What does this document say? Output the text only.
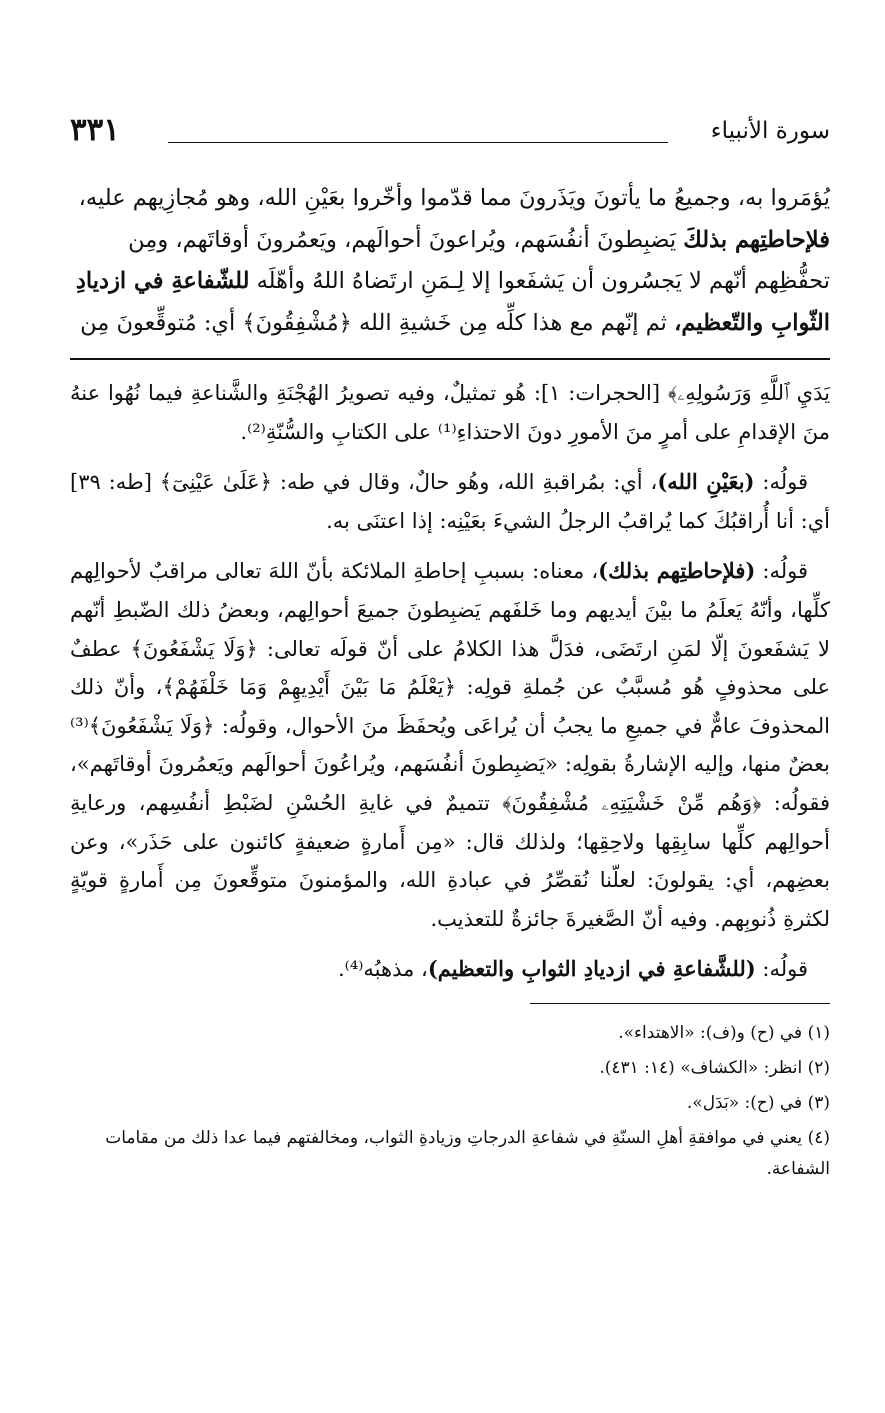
سورة الأنبياء
٣٣١

يُؤمَروا به، وجميعُ ما يأتونَ ويَذَرونَ مما قدّموا وأخّروا بعَيْنِ الله، وهو مُجازِيهم عليه،

فلإحاطتِهم بذلكَ يَضبِطونَ أنفُسَهم، ويُراعونَ أحوالَهم، ويَعمُرونَ أوقاتَهم، ومِن

تحفُّظِهم أنّهم لا يَجسُرون أن يَشفَعوا إلا لِـمَنِ ارتَضاهُ اللهُ وأهّلَه للشّفاعةِ في ازديادِ

الثّوابِ والتّعظيم، ثم إنّهم مع هذا كلِّه مِن خَشيةِ الله ﴿مُشْفِقُونَ﴾ أي: مُتوقِّعونَ مِن

يَدَيِ ٱللَّهِ وَرَسُولِهِۦ﴾ [الحجرات: ١]: هُو تمثيلٌ، وفيه تصويرُ الهُجْنَةِ والشَّناعةِ فيما نُهُوا عنهُ منَ الإقدامِ على أمرٍ منَ الأمورِ دونَ الاحتذاءِ⁽¹⁾ على الكتابِ والسُّنّةِ⁽²⁾.

قولُه: (بعَيْنِ الله)، أي: بمُراقبةِ الله، وهُو حالٌ، وقال في طه: ﴿عَلَىٰ عَيْنِىٓ﴾ [طه: ٣٩] أي: أنا أُراقبُكَ كما يُراقبُ الرجلُ الشيءَ بعَيْنِه: إذا اعتنَى به.

قولُه: (فلإحاطتِهم بذلك)، معناه: بسببِ إحاطةِ الملائكة بأنّ اللهَ تعالى مراقبٌ لأحوالِهم كلِّها، وأنّهُ يَعلَمُ ما بيْنَ أيديهم وما خَلفَهم يَضبِطونَ جميعَ أحوالِهم، وبعضُ ذلك الضّبطِ أنّهم لا يَشفَعونَ إلّا لمَنِ ارتَضَى، فدَلَّ هذا الكلامُ على أنّ قولَه تعالى: ﴿وَلَا يَشْفَعُونَ﴾ عطفٌ على محذوفٍ هُو مُسبَّبٌ عن جُملةِ قولِه: ﴿يَعْلَمُ مَا بَيْنَ أَيْدِيهِمْ وَمَا خَلْفَهُمْ﴾، وأنّ ذلك المحذوفَ عامٌّ في جميعِ ما يجبُ أن يُراعَى ويُحفَظَ منَ الأحوال، وقولُه: ﴿وَلَا يَشْفَعُونَ﴾⁽³⁾ بعضٌ منها، وإليه الإشارةُ بقولِه: «يَضبِطونَ أنفُسَهم، ويُراعُونَ أحوالَهم ويَعمُرونَ أوقاتَهم»، فقولُه: ﴿وَهُم مِّنْ خَشْيَتِهِۦ مُشْفِقُونَ﴾ تتميمٌ في غايةِ الحُسْنِ لضَبْطِ أنفُسِهم، ورعايةِ أحوالِهم كلِّها سابِقِها ولاحِقِها؛ ولذلك قال: «مِن أَمارةٍ ضعيفةٍ كائنون على حَذَر»، وعن بعضِهم، أي: يقولونَ: لعلّنا نُقصِّرُ في عبادةِ الله، والمؤمنونَ متوقِّعونَ مِن أَمارةٍ قويّةٍ لكثرةِ ذُنوبِهم. وفيه أنّ الصَّغيرةَ جائزةٌ للتعذيب.

قولُه: (للشَّفاعةِ في ازديادِ الثوابِ والتعظيم)، مذهبُه⁽⁴⁾.

(١) في (ح) و(ف): «الاهتداء».

(٢) انظر: «الكشاف» (١٤: ٤٣١).

(٣) في (ح): «بَدَل».

(٤) يعني في موافقةِ أهلِ السنّةِ في شفاعةِ الدرجاتِ وزيادةِ الثواب، ومخالفتهم فيما عدا ذلك من مقامات الشفاعة.
